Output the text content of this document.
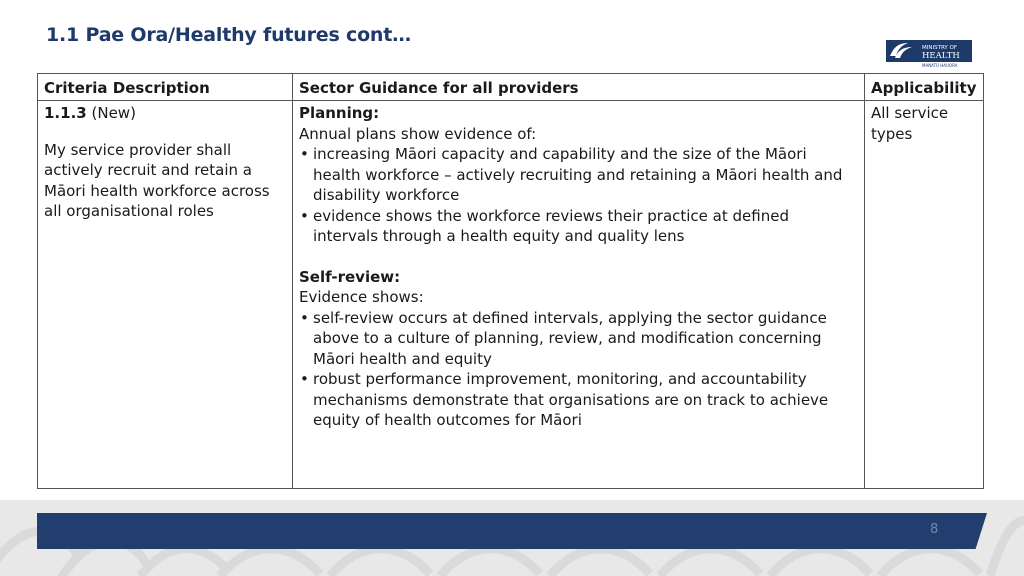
1.1 Pae Ora/Healthy futures cont…
MINISTRY OF
HEALTH
MANATŪ HAUORA
Criteria Description	Sector Guidance for all providers	Applicability
1.1.3 (New)
My service provider shall actively recruit and retain a Māori health workforce across all organisational roles
Planning:
Annual plans show evidence of:
• increasing Māori capacity and capability and the size of the Māori health workforce – actively recruiting and retaining a Māori health and disability workforce
• evidence shows the workforce reviews their practice at defined intervals through a health equity and quality lens
Self-review:
Evidence shows:
• self-review occurs at defined intervals, applying the sector guidance above to a culture of planning, review, and modification concerning Māori health and equity
• robust performance improvement, monitoring, and accountability mechanisms demonstrate that organisations are on track to achieve equity of health outcomes for Māori
All service types
8
